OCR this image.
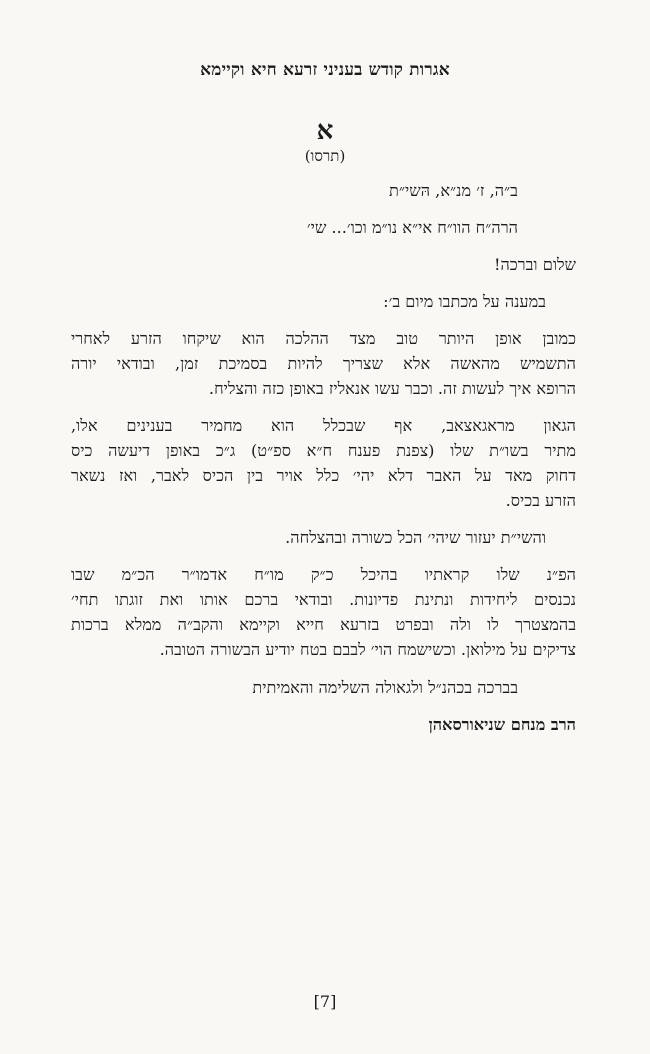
אגרות קודש בעניני זרעא חיא וקיימא
א
(תרסו)
ב״ה, ז׳ מנ״א, הּשי״ת
הרה״ח הוו״ח אי״א נו״מ וכו׳... שי׳
שלום וברכה!
במענה על מכתבו מיום ב׳:
כמובן אופן היותר טוב מצד ההלכה הוא שיקחו הזרע לאחרי
התשמיש מהאשה אלא שצריך להיות בסמיכת זמן, ובודאי יורה
הרופא איך לעשות זה. וכבר עשו אנאליז באופן כזה והצליח.
הגאון מראגאצאב, אף שבכלל הוא מחמיר בענינים אלו,
מתיר בשו״ת שלו (צפנת פענח ח״א ספ״ט) ג״כ באופן דיעשה כיס
דחוק מאד על האבר דלא יהי׳ כלל אויר בין הכיס לאבר, ואז נשאר
הזרע בכיס.
והשי״ת יעזור שיהי׳ הכל כשורה ובהצלחה.
הפ״נ שלו קראתיו בהיכל כ״ק מו״ח אדמו״ר הכ״מ שבו
נכנסים ליחידות ונתינת פדיונות. ובודאי ברכם אותו ואת זוגתו תחי׳
בהמצטרך לו ולה ובפרט בזרעא חייא וקיימא והקב״ה ממלא ברכות
צדיקים על מילואן. וכשישמח הוי׳ לבבם בטח יודיע הבשורה הטובה.
בברכה בכהנ״ל ולגאולה השלימה והאמיתית
הרב מנחם שניאורסאהן
[7]
